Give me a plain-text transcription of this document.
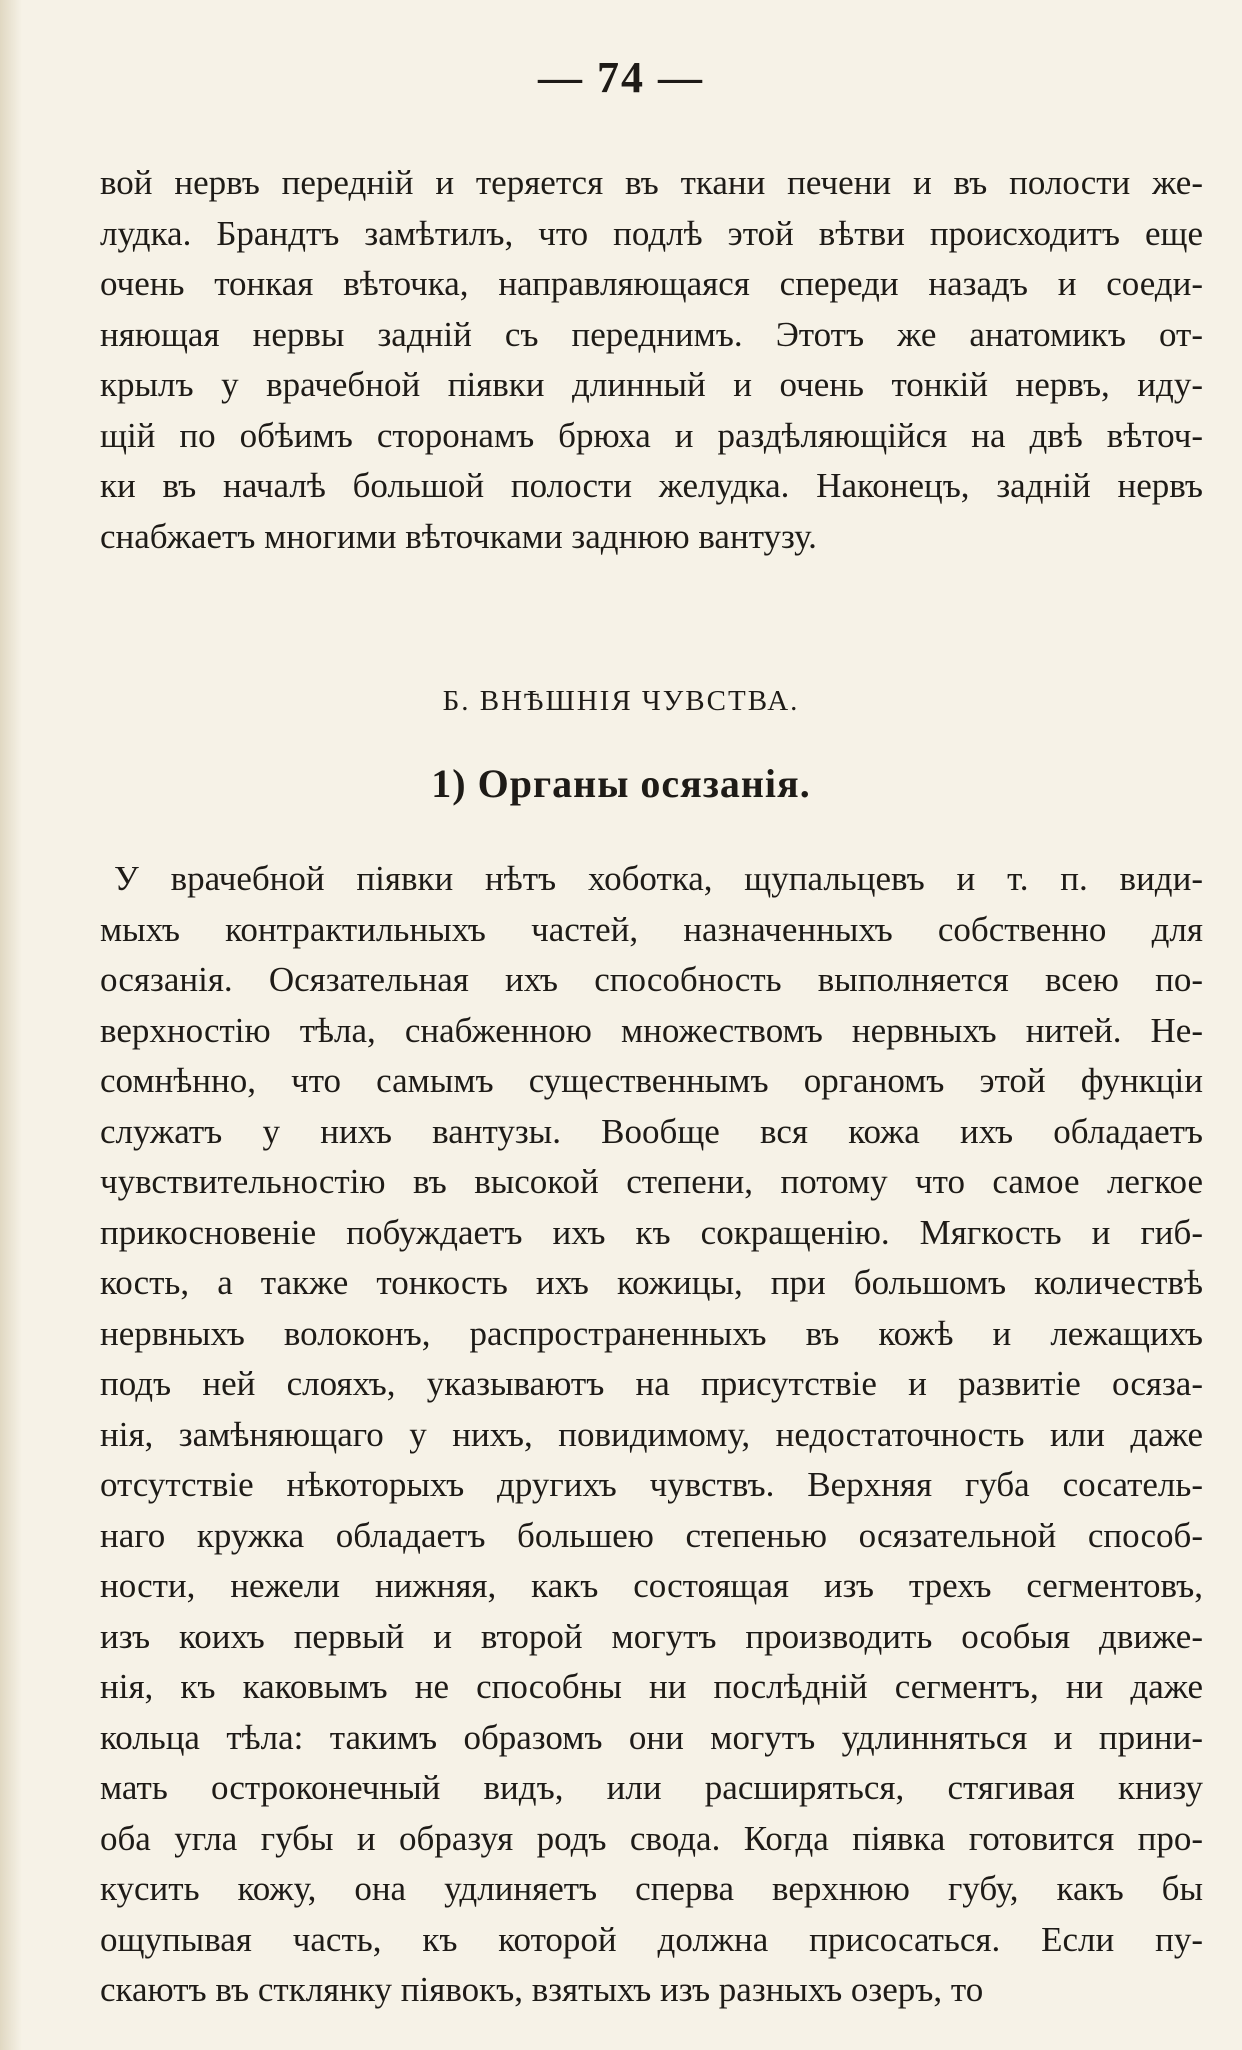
— 74 —
вой нервъ передній и теряется въ ткани печени и въ полости же-
лудка. Брандтъ замѣтилъ, что подлѣ этой вѣтви происходитъ еще
очень тонкая вѣточка, направляющаяся спереди назадъ и соеди-
няющая нервы задній съ переднимъ. Этотъ же анатомикъ от-
крылъ у врачебной піявки длинный и очень тонкій нервъ, иду-
щій по обѣимъ сторонамъ брюха и раздѣляющійся на двѣ вѣточ-
ки въ началѣ большой полости желудка. Наконецъ, задній нервъ
снабжаетъ многими вѣточками заднюю вантузу.
Б. ВНѢШНІЯ ЧУВСТВА.
1) Органы осязанія.
У врачебной піявки нѣтъ хоботка, щупальцевъ и т. п. види-
мыхъ контрактильныхъ частей, назначенныхъ собственно для
осязанія. Осязательная ихъ способность выполняется всею по-
верхностію тѣла, снабженною множествомъ нервныхъ нитей. Не-
сомнѣнно, что самымъ существеннымъ органомъ этой функціи
служатъ у нихъ вантузы. Вообще вся кожа ихъ обладаетъ
чувствительностію въ высокой степени, потому что самое легкое
прикосновеніе побуждаетъ ихъ къ сокращенію. Мягкость и гиб-
кость, а также тонкость ихъ кожицы, при большомъ количествѣ
нервныхъ волоконъ, распространенныхъ въ кожѣ и лежащихъ
подъ ней слояхъ, указываютъ на присутствіе и развитіе осяза-
нія, замѣняющаго у нихъ, повидимому, недостаточность или даже
отсутствіе нѣкоторыхъ другихъ чувствъ. Верхняя губа сосатель-
наго кружка обладаетъ большею степенью осязательной способ-
ности, нежели нижняя, какъ состоящая изъ трехъ сегментовъ,
изъ коихъ первый и второй могутъ производить особыя движе-
нія, къ каковымъ не способны ни послѣдній сегментъ, ни даже
кольца тѣла: такимъ образомъ они могутъ удлинняться и прини-
мать остроконечный видъ, или расширяться, стягивая книзу
оба угла губы и образуя родъ свода. Когда піявка готовится про-
кусить кожу, она удлиняетъ сперва верхнюю губу, какъ бы
ощупывая часть, къ которой должна присосаться. Если пу-
скаютъ въ стклянку піявокъ, взятыхъ изъ разныхъ озеръ, то
